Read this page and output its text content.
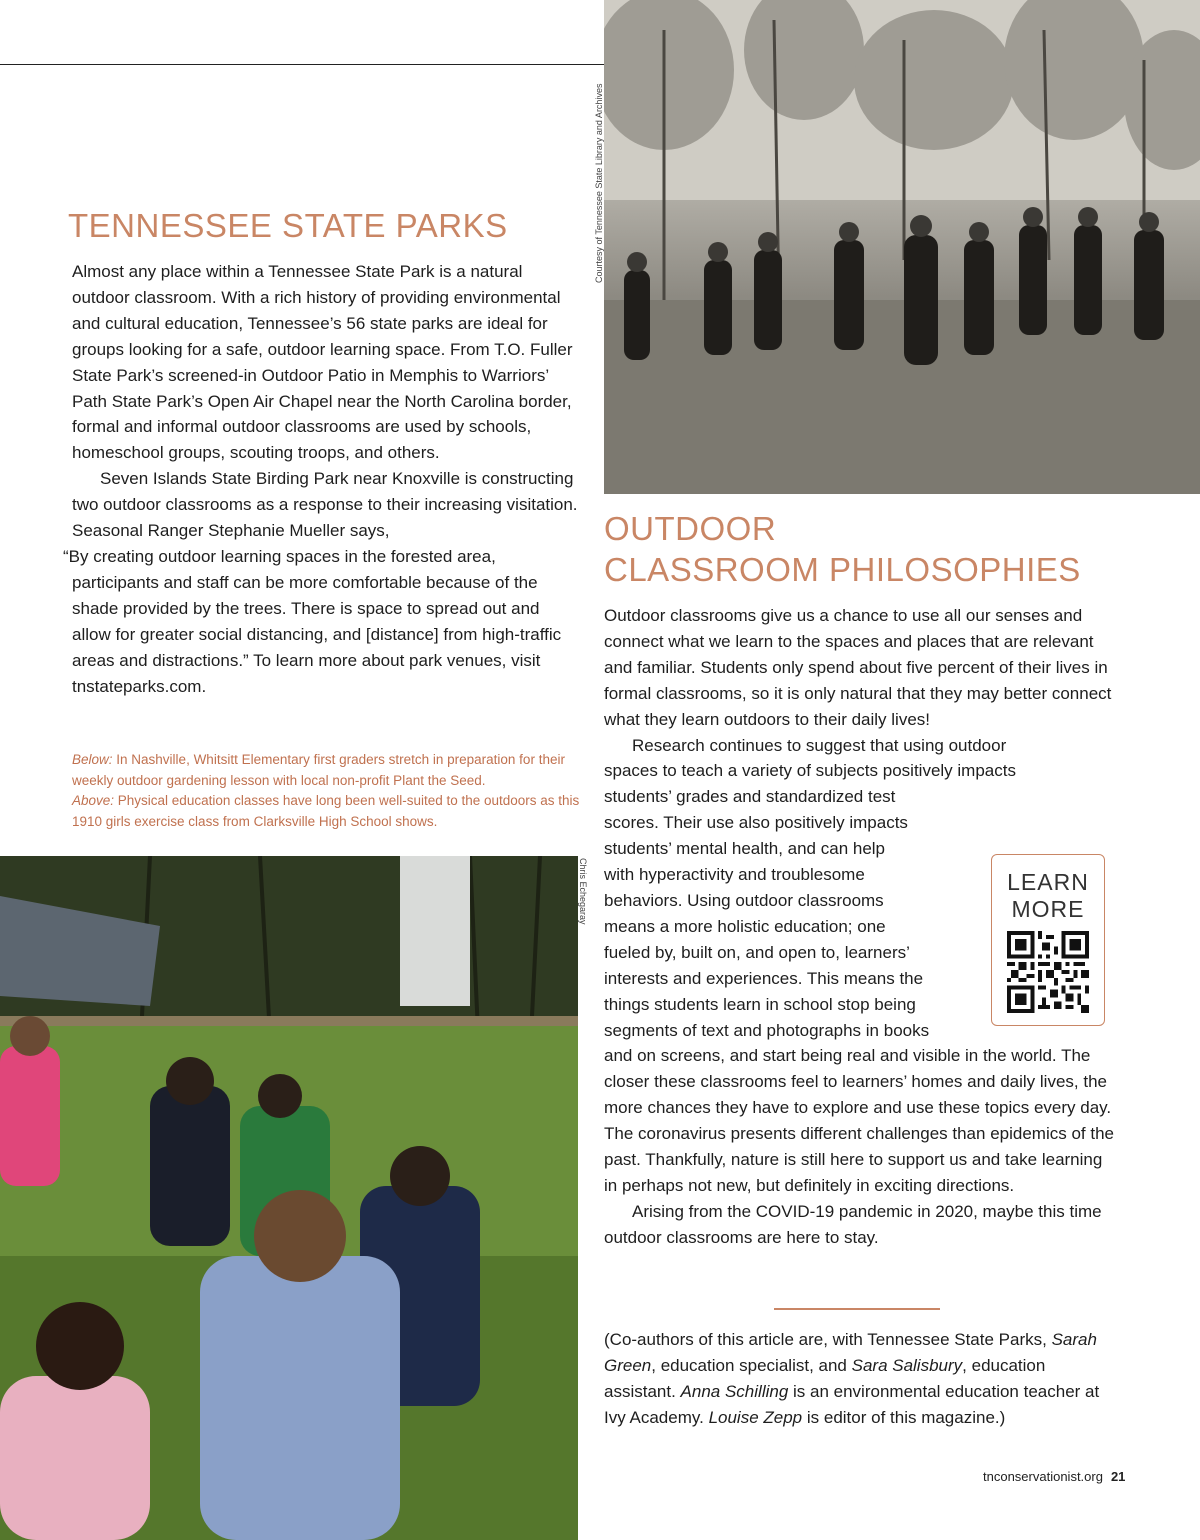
TENNESSEE STATE PARKS

Almost any place within a Tennessee State Park is a natural outdoor classroom. With a rich history of providing environmental and cultural education, Tennessee’s 56 state parks are ideal for groups looking for a safe, outdoor learning space. From T.O. Fuller State Park’s screened-in Outdoor Patio in Memphis to Warriors’ Path State Park’s Open Air Chapel near the North Carolina border, formal and informal outdoor classrooms are used by schools, homeschool groups, scouting troops, and others.

Seven Islands State Birding Park near Knoxville is constructing two outdoor classrooms as a response to their increasing visitation. Seasonal Ranger Stephanie Mueller says,

“By creating outdoor learning spaces in the forested area, participants and staff can be more comfortable because of the shade provided by the trees. There is space to spread out and allow for greater social distancing, and [distance] from high-traffic areas and distractions.” To learn more about park venues, visit tnstateparks.com.

Below: In Nashville, Whitsitt Elementary first graders stretch in preparation for their weekly outdoor gardening lesson with local non-profit Plant the Seed.
Above: Physical education classes have long been well-suited to the outdoors as this 1910 girls exercise class from Clarksville High School shows.
Courtesy of Tennessee State Library and Archives
OUTDOOR
CLASSROOM PHILOSOPHIES

Outdoor classrooms give us a chance to use all our senses and connect what we learn to the spaces and places that are relevant and familiar. Students only spend about five percent of their lives in formal classrooms, so it is only natural that they may better connect what they learn outdoors to their daily lives!

Research continues to suggest that using outdoor
spaces to teach a variety of subjects positively impacts
students’ grades and standardized test
scores. Their use also positively impacts
students’ mental health, and can help
with hyperactivity and troublesome
behaviors. Using outdoor classrooms
means a more holistic education; one
fueled by, built on, and open to, learners’
interests and experiences. This means the
things students learn in school stop being
segments of text and photographs in books

and on screens, and start being real and visible in the world. The closer these classrooms feel to learners’ homes and daily lives, the more chances they have to explore and use these topics every day. The coronavirus presents different challenges than epidemics of the past. Thankfully, nature is still here to support us and take learning in perhaps not new, but definitely in exciting directions.

Arising from the COVID-19 pandemic in 2020, maybe this time outdoor classrooms are here to stay.

LEARN
MORE

(Co-authors of this article are, with Tennessee State Parks, Sarah Green, education specialist, and Sara Salisbury, education assistant. Anna Schilling is an environmental education teacher at Ivy Academy. Louise Zepp is editor of this magazine.)

Chris Echegaray
tnconservationist.org 21
